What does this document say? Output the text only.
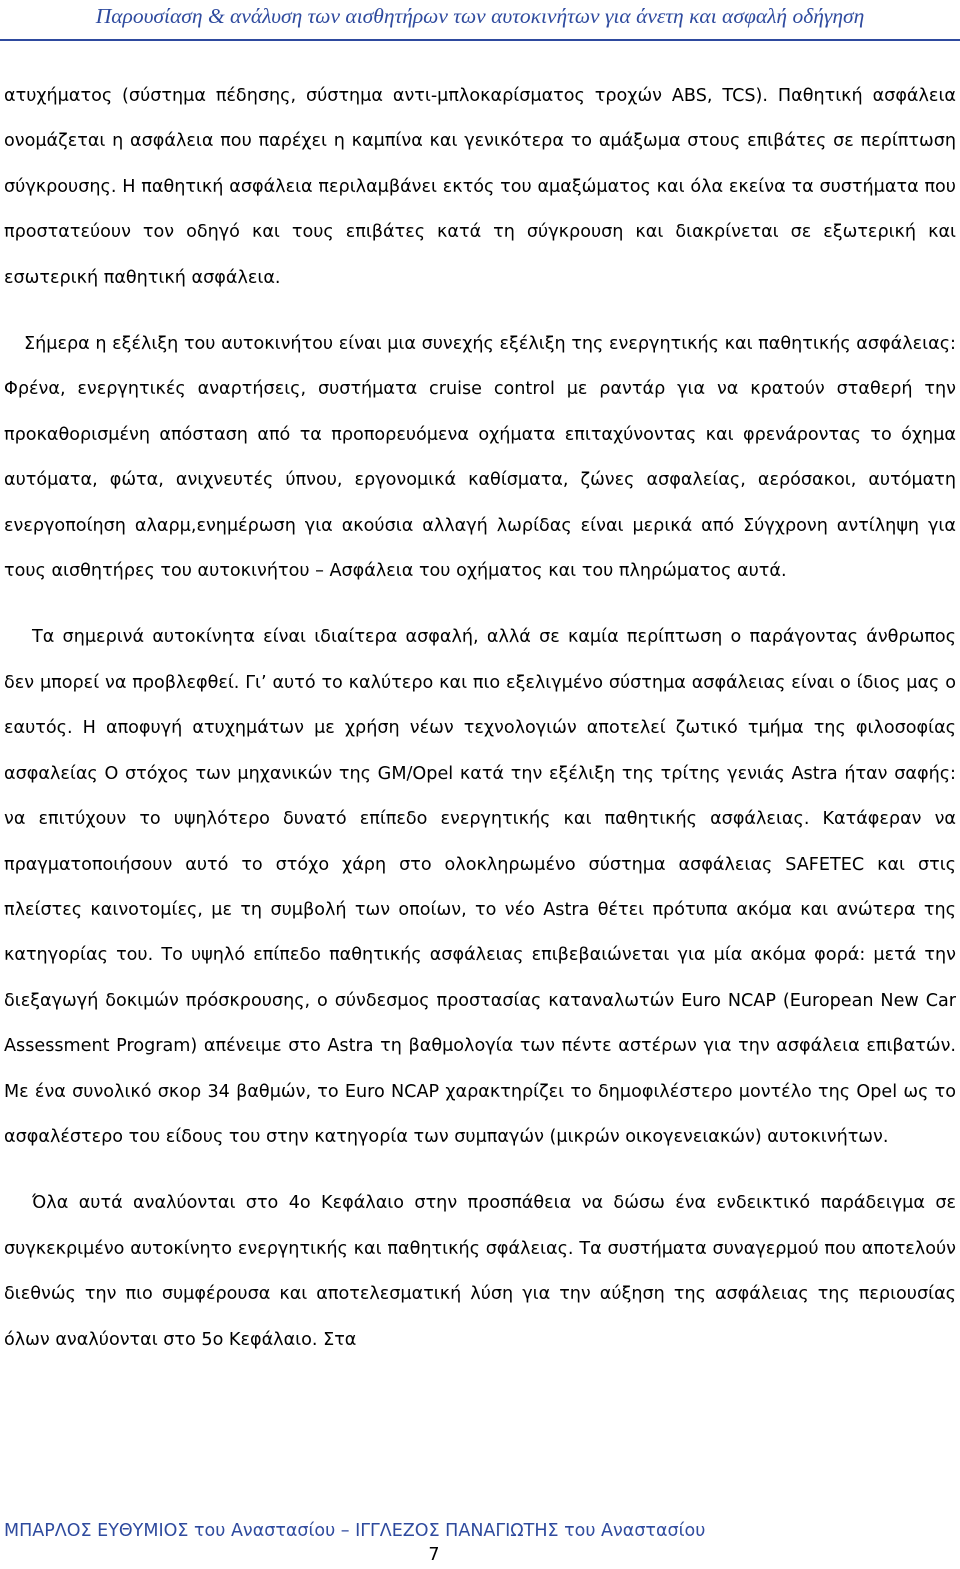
Παρουσίαση & ανάλυση των αισθητήρων των αυτοκινήτων για άνετη και ασφαλή οδήγηση

ατυχήματος (σύστημα πέδησης, σύστημα αντι-μπλοκαρίσματος τροχών ABS, TCS). Παθητική ασφάλεια ονομάζεται η ασφάλεια που παρέχει η καμπίνα και γενικότερα το αμάξωμα στους επιβάτες σε περίπτωση σύγκρουσης. Η παθητική ασφάλεια περιλαμβάνει εκτός του αμαξώματος και όλα εκείνα τα συστήματα που προστατεύουν τον οδηγό και τους επιβάτες κατά τη σύγκρουση και διακρίνεται σε εξωτερική και εσωτερική παθητική ασφάλεια.

Σήμερα η εξέλιξη του αυτοκινήτου είναι μια συνεχής εξέλιξη της ενεργητικής και παθητικής ασφάλειας: Φρένα, ενεργητικές αναρτήσεις, συστήματα cruise control με ραντάρ για να κρατούν σταθερή την προκαθορισμένη απόσταση από τα προπορευόμενα οχήματα επιταχύνοντας και φρενάροντας το όχημα αυτόματα, φώτα, ανιχνευτές ύπνου, εργονομικά καθίσματα, ζώνες ασφαλείας, αερόσακοι, αυτόματη ενεργοποίηση αλαρμ,ενημέρωση για ακούσια αλλαγή λωρίδας είναι μερικά από Σύγχρονη αντίληψη για τους αισθητήρες του αυτοκινήτου – Ασφάλεια του οχήματος και του πληρώματος αυτά.

Τα σημερινά αυτοκίνητα είναι ιδιαίτερα ασφαλή, αλλά σε καμία περίπτωση ο παράγοντας άνθρωπος δεν μπορεί να προβλεφθεί. Γι’ αυτό το καλύτερο και πιο εξελιγμένο σύστημα ασφάλειας είναι ο ίδιος μας ο εαυτός. Η αποφυγή ατυχημάτων με χρήση νέων τεχνολογιών αποτελεί ζωτικό τμήμα της φιλοσοφίας ασφαλείας Ο στόχος των μηχανικών της GM/Opel κατά την εξέλιξη της τρίτης γενιάς Astra ήταν σαφής: να επιτύχουν το υψηλότερο δυνατό επίπεδο ενεργητικής και παθητικής ασφάλειας. Κατάφεραν να πραγματοποιήσουν αυτό το στόχο χάρη στο ολοκληρωμένο σύστημα ασφάλειας SAFETEC και στις πλείστες καινοτομίες, με τη συμβολή των οποίων, το νέο Astra θέτει πρότυπα ακόμα και ανώτερα της κατηγορίας του. Το υψηλό επίπεδο παθητικής ασφάλειας επιβεβαιώνεται για μία ακόμα φορά: μετά την διεξαγωγή δοκιμών πρόσκρουσης, ο σύνδεσμος προστασίας καταναλωτών Euro NCAP (European New Car Assessment Program) απένειμε στο Astra τη βαθμολογία των πέντε αστέρων για την ασφάλεια επιβατών. Με ένα συνολικό σκορ 34 βαθμών, το Euro NCAP χαρακτηρίζει το δημοφιλέστερο μοντέλο της Opel ως το ασφαλέστερο του είδους του στην κατηγορία των συμπαγών (μικρών οικογενειακών) αυτοκινήτων.

Όλα αυτά αναλύονται στο 4ο Κεφάλαιο στην προσπάθεια να δώσω ένα ενδεικτικό παράδειγμα σε συγκεκριμένο αυτοκίνητο ενεργητικής και παθητικής σφάλειας. Τα συστήματα συναγερμού που αποτελούν διεθνώς την πιο συμφέρουσα και αποτελεσματική λύση για την αύξηση της ασφάλειας της περιουσίας όλων αναλύονται στο 5ο Κεφάλαιο. Στα

ΜΠΑΡΛΟΣ ΕΥΘΥΜΙΟΣ του Αναστασίου – ΙΓΓΛΕΖΟΣ ΠΑΝΑΓΙΩΤΗΣ του Αναστασίου
7
